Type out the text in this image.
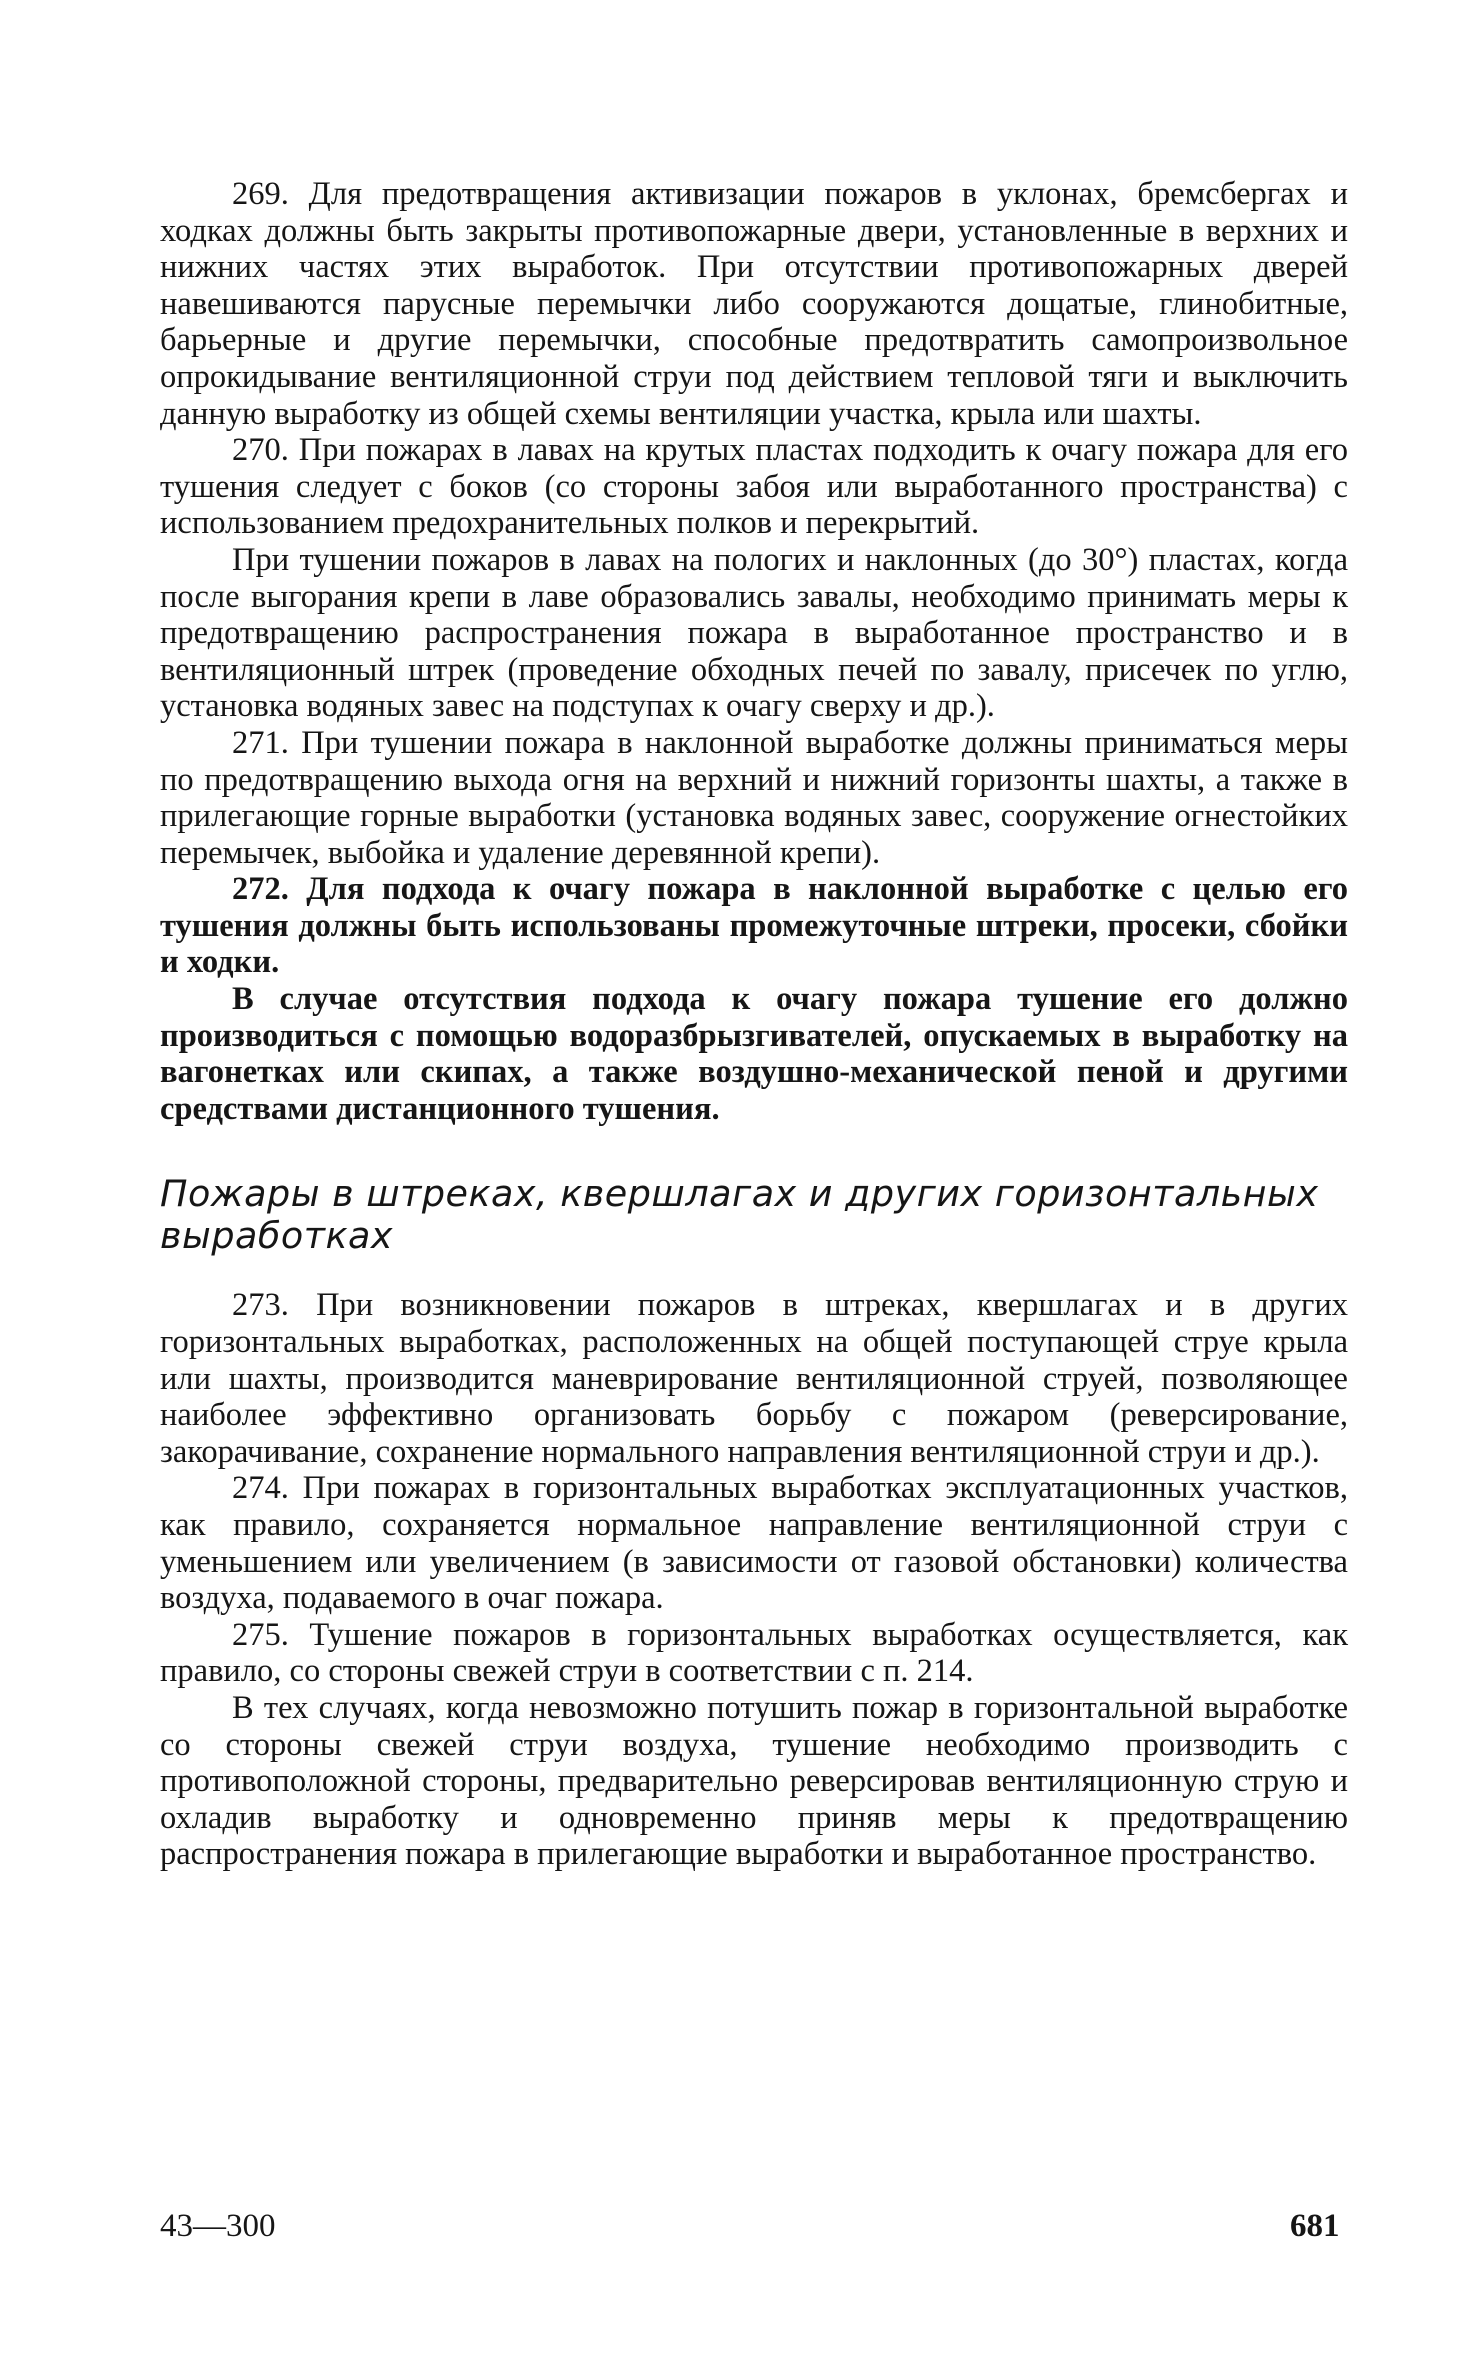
269. Для предотвращения активизации пожаров в уклонах, бремсбергах и ходках должны быть закрыты противопожарные двери, установленные в верхних и нижних частях этих выработок. При отсутствии противопожарных дверей навешиваются парусные перемычки либо сооружаются дощатые, глинобитные, барьерные и другие перемычки, способные предотвратить самопроизвольное опрокидывание вентиляционной струи под действием тепловой тяги и выключить данную выработку из общей схемы вентиляции участка, крыла или шахты.

270. При пожарах в лавах на крутых пластах подходить к очагу пожара для его тушения следует с боков (со стороны забоя или выработанного пространства) с использованием предохранительных полков и перекрытий.

При тушении пожаров в лавах на пологих и наклонных (до 30°) пластах, когда после выгорания крепи в лаве образовались завалы, необходимо принимать меры к предотвращению распространения пожара в выработанное пространство и в вентиляционный штрек (проведение обходных печей по завалу, присечек по углю, установка водяных завес на подступах к очагу сверху и др.).

271. При тушении пожара в наклонной выработке должны приниматься меры по предотвращению выхода огня на верхний и нижний горизонты шахты, а также в прилегающие горные выработки (установка водяных завес, сооружение огнестойких перемычек, выбойка и удаление деревянной крепи).

272. Для подхода к очагу пожара в наклонной выработке с целью его тушения должны быть использованы промежуточные штреки, просеки, сбойки и ходки.

В случае отсутствия подхода к очагу пожара тушение его должно производиться с помощью водоразбрызгивателей, опускаемых в выработку на вагонетках или скипах, а также воздушно-механической пеной и другими средствами дистанционного тушения.

Пожары в штреках, квершлагах и других горизонтальных выработках

273. При возникновении пожаров в штреках, квершлагах и в других горизонтальных выработках, расположенных на общей поступающей струе крыла или шахты, производится маневрирование вентиляционной струей, позволяющее наиболее эффективно организовать борьбу с пожаром (реверсирование, закорачивание, сохранение нормального направления вентиляционной струи и др.).

274. При пожарах в горизонтальных выработках эксплуатационных участков, как правило, сохраняется нормальное направление вентиляционной струи с уменьшением или увеличением (в зависимости от газовой обстановки) количества воздуха, подаваемого в очаг пожара.

275. Тушение пожаров в горизонтальных выработках осуществляется, как правило, со стороны свежей струи в соответствии с п. 214.

В тех случаях, когда невозможно потушить пожар в горизонтальной выработке со стороны свежей струи воздуха, тушение необходимо производить с противоположной стороны, предварительно реверсировав вентиляционную струю и охладив выработку и одновременно приняв меры к предотвращению распространения пожара в прилегающие выработки и выработанное пространство.

43—300	681
